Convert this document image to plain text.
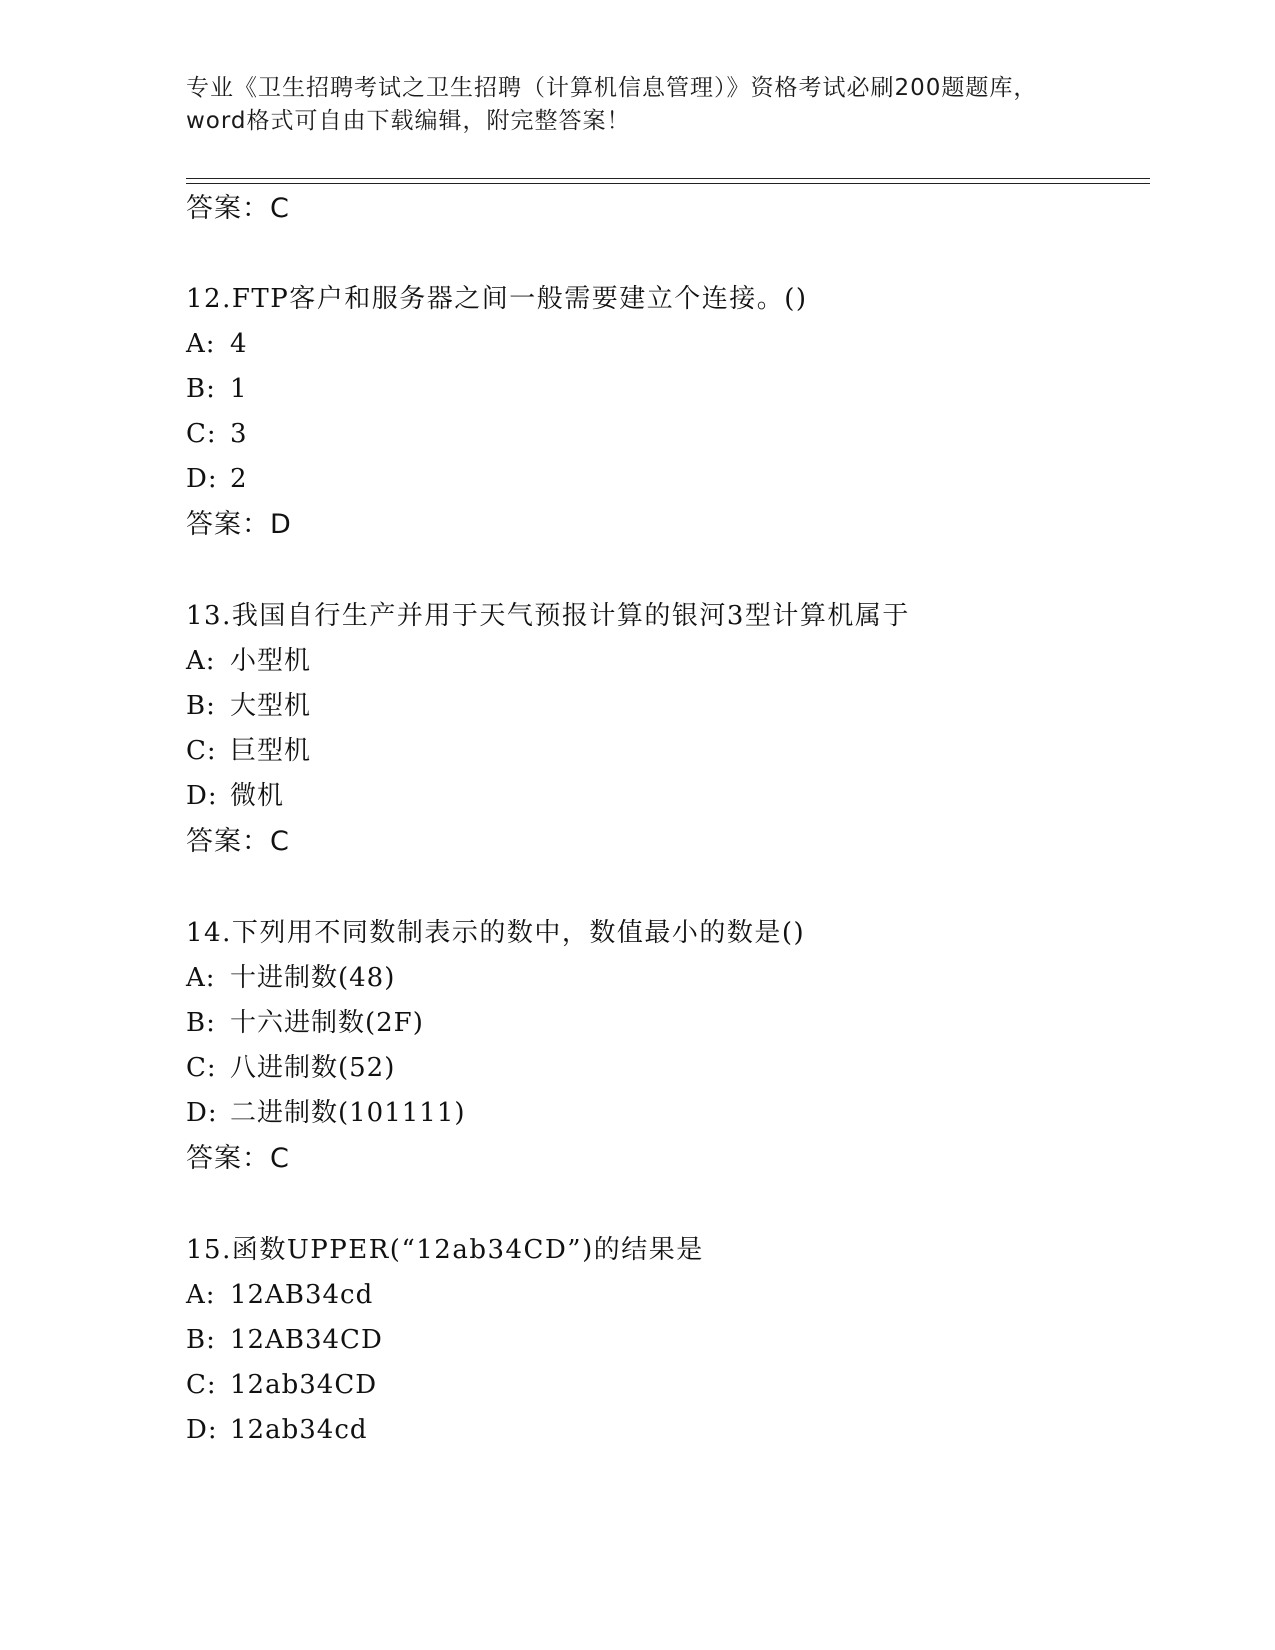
专业《卫生招聘考试之卫生招聘（计算机信息管理）》资格考试必刷200题题库，
word格式可自由下载编辑，附完整答案！
答案：C
12.FTP客户和服务器之间一般需要建立个连接。()
A: 4
B: 1
C: 3
D: 2
答案：D
13.我国自行生产并用于天气预报计算的银河3型计算机属于
A: 小型机
B: 大型机
C: 巨型机
D: 微机
答案：C
14.下列用不同数制表示的数中，数值最小的数是()
A: 十进制数(48)
B: 十六进制数(2F)
C: 八进制数(52)
D: 二进制数(101111)
答案：C
15.函数UPPER(“12ab34CD”)的结果是
A: 12AB34cd
B: 12AB34CD
C: 12ab34CD
D: 12ab34cd
